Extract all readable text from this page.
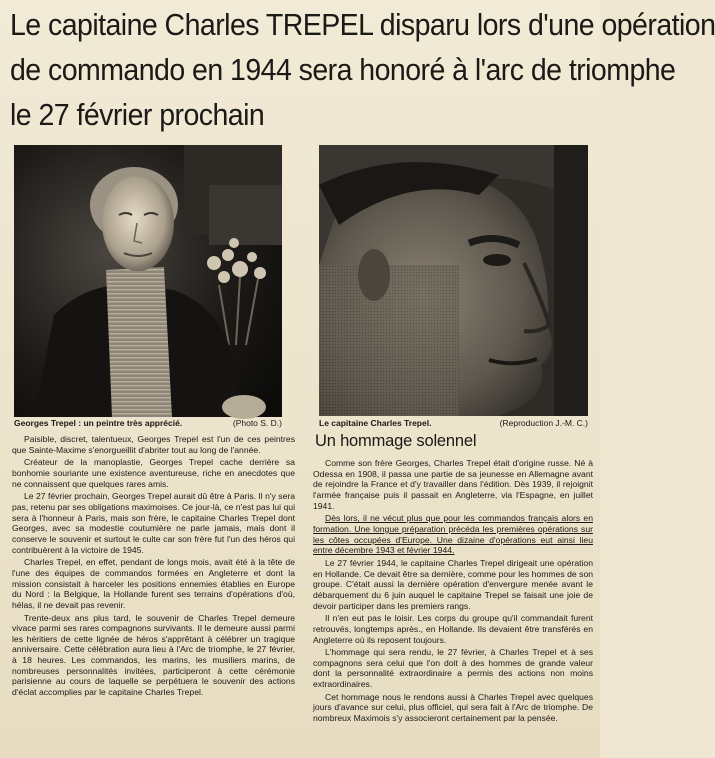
Le capitaine Charles TREPEL disparu lors d'une opération
de commando en 1944 sera honoré à l'arc de triomphe
le 27 février prochain
Georges Trepel : un peintre très apprécié.	(Photo S. D.)	Le capitaine Charles Trepel.	(Reproduction J.-M. C.)

Paisible, discret, talentueux, Georges Trepel est l'un de ces peintres que Sainte-Maxime s'enorgueillit d'abriter tout au long de l'année.

Créateur de la manoplastie, Georges Trepel cache derrière sa bonhomie souriante une existence aventureuse, riche en anecdotes que ne connaissent que quelques rares amis.

Le 27 février prochain, Georges Trepel aurait dû être à Paris. Il n'y sera pas, retenu par ses obligations maximoises. Ce jour-là, ce n'est pas lui qui sera à l'honneur à Paris, mais son frère, le capitaine Charles Trepel dont Georges, avec sa modestie coutumière ne parle jamais, mais dont il conserve le souvenir et surtout le culte car son frère fut l'un des héros qui contribuèrent à la victoire de 1945.

Charles Trepel, en effet, pendant de longs mois, avait été à la tête de l'une des équipes de commandos formées en Angleterre et dont la mission consistait à harceler les positions ennemies établies en Europe du Nord : la Belgique, la Hollande furent ses terrains d'opérations d'où, hélas, il ne devait pas revenir.

Trente-deux ans plus tard, le souvenir de Charles Trepel demeure vivace parmi ses rares compagnons survivants. Il le demeure aussi parmi les héritiers de cette lignée de héros s'apprêtant à célébrer un tragique anniversaire. Cette célébration aura lieu à l'Arc de triomphe, le 27 février, à 18 heures. Les commandos, les marins, les musiliers marins, de nombreuses personnalités invitées, participeront à cette cérémonie parisienne au cours de laquelle se perpétuera le souvenir des actions d'éclat accomplies par le capitaine Charles Trepel.

Un hommage solennel

Comme son frère Georges, Charles Trepel était d'origine russe. Né à Odessa en 1908, il passa une partie de sa jeunesse en Allemagne avant de rejoindre la France et d'y travailler dans l'édition. Dès 1939, il rejoignit l'armée française puis il passait en Angleterre, via l'Espagne, en juillet 1941.

Dès lors, il ne vécut plus que pour les commandos français alors en formation. Une longue préparation précéda les premières opérations sur les côtes occupées d'Europe. Une dizaine d'opérations eut ainsi lieu entre décembre 1943 et février 1944.

Le 27 février 1944, le capitaine Charles Trepel dirigeait une opération en Hollande. Ce devait être sa dernière, comme pour les hommes de son groupe. C'était aussi la dernière opération d'envergure menée avant le débarquement du 6 juin auquel le capitaine Trepel se faisait une joie de devoir participer dans les premiers rangs.

Il n'en eut pas le loisir. Les corps du groupe qu'il commandait furent retrouvés, longtemps après., en Hollande. Ils devaient être transférés en Angleterre où ils reposent toujours.

L'hommage qui sera rendu, le 27 février, à Charles Trepel et à ses compagnons sera celui que l'on doit à des hommes de grande valeur dont la personnalité extraordinaire a permis des actions non moins extraordinaires.

Cet hommage nous le rendons aussi à Charles Trepel avec quelques jours d'avance sur celui, plus officiel, qui sera fait à l'Arc de triomphe. De nombreux Maximois s'y associeront certainement par la pensée.
